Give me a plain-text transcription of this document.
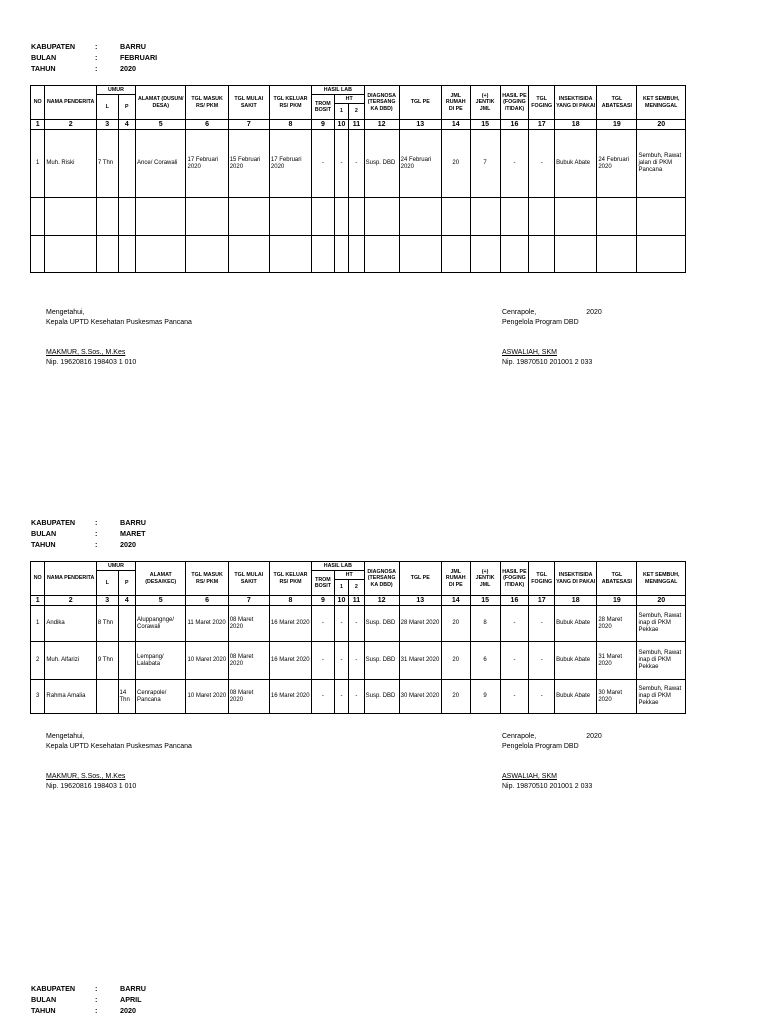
KABUPATEN	:	BARRU
BULAN	:	FEBRUARI
TAHUN	:	2020
NO	NAMA PENDERITA	UMUR		ALAMAT (DUSUN/ DESA)	TGL MASUK RS/ PKM	TGL MULAI SAKIT	TGL KELUAR RS/ PKM	HASIL LAB			DIAGNOSA (TERSANG KA DBD)	TGL PE	JML RUMAH DI PE	(+) JENTIK JML	HASIL PE (FOGING /TIDAK)	TGL FOGING	INSEKTISIDA YANG DI PAKAI	TGL ABATESASI	KET SEMBUH, MENINGGAL
		L	P					TROM BOSIT	HT										
									1	2									
1	2	3	4	5	6	7	8	9	10	11	12	13	14	15	16	17	18	19	20
1	Muh. Riski	7 Thn		Ance/ Corawali	17 Februari 2020	15 Februari 2020	17 Februari 2020	-	-	-	Susp. DBD	24 Februari 2020	20	7	-	-	Bubuk Abate	24 Februari 2020	Sembuh, Rawat jalan di PKM Pancana

Mengetahui,
Kepala UPTD Kesehatan Puskesmas Pancana
MAKMUR, S.Sos., M.Kes
Nip. 19620816 198403 1 010
Cenrapole,	2020
Pengelola Program DBD
ASWALIAH, SKM
Nip. 19870510 201001 2 033
KABUPATEN	:	BARRU
BULAN	:	MARET
TAHUN	:	2020
NO	NAMA PENDERITA	UMUR		ALAMAT (DESA/KEC)	TGL MASUK RS/ PKM	TGL MULAI SAKIT	TGL KELUAR RS/ PKM	HASIL LAB			DIAGNOSA (TERSANG KA DBD)	TGL PE	JML RUMAH DI PE	(+) JENTIK JML	HASIL PE (FOGING /TIDAK)	TGL FOGING	INSEKTISIDA YANG DI PAKAI	TGL ABATESASI	KET SEMBUH, MENINGGAL
		L	P					TROM BOSIT	HT										
									1	2									
1	2	3	4	5	6	7	8	9	10	11	12	13	14	15	16	17	18	19	20
1	Andika	8 Thn		Aluppangnge/ Corawali	11 Maret 2020	08 Maret 2020	16 Maret 2020	-	-	-	Susp. DBD	28 Maret 2020	20	8	-	-	Bubuk Abate	28 Maret 2020	Sembuh, Rawat inap di PKM Pekkae
2	Muh. Alfarizi	9 Thn		Lempang/ Lalabata	10 Maret 2020	08 Maret 2020	16 Maret 2020	-	-	-	Susp. DBD	31 Maret 2020	20	6	-	-	Bubuk Abate	31 Maret 2020	Sembuh, Rawat inap di PKM Pekkae
3	Rahma Amalia		14 Thn	Cenrapole/ Pancana	10 Maret 2020	08 Maret 2020	16 Maret 2020	-	-	-	Susp. DBD	30 Maret 2020	20	9	-	-	Bubuk Abate	30 Maret 2020	Sembuh, Rawat inap di PKM Pekkae
Mengetahui,
Kepala UPTD Kesehatan Puskesmas Pancana
MAKMUR, S.Sos., M.Kes
Nip. 19620816 198403 1 010
Cenrapole,	2020
Pengelola Program DBD
ASWALIAH, SKM
Nip. 19870510 201001 2 033
KABUPATEN	:	BARRU
BULAN	:	APRIL
TAHUN	:	2020
